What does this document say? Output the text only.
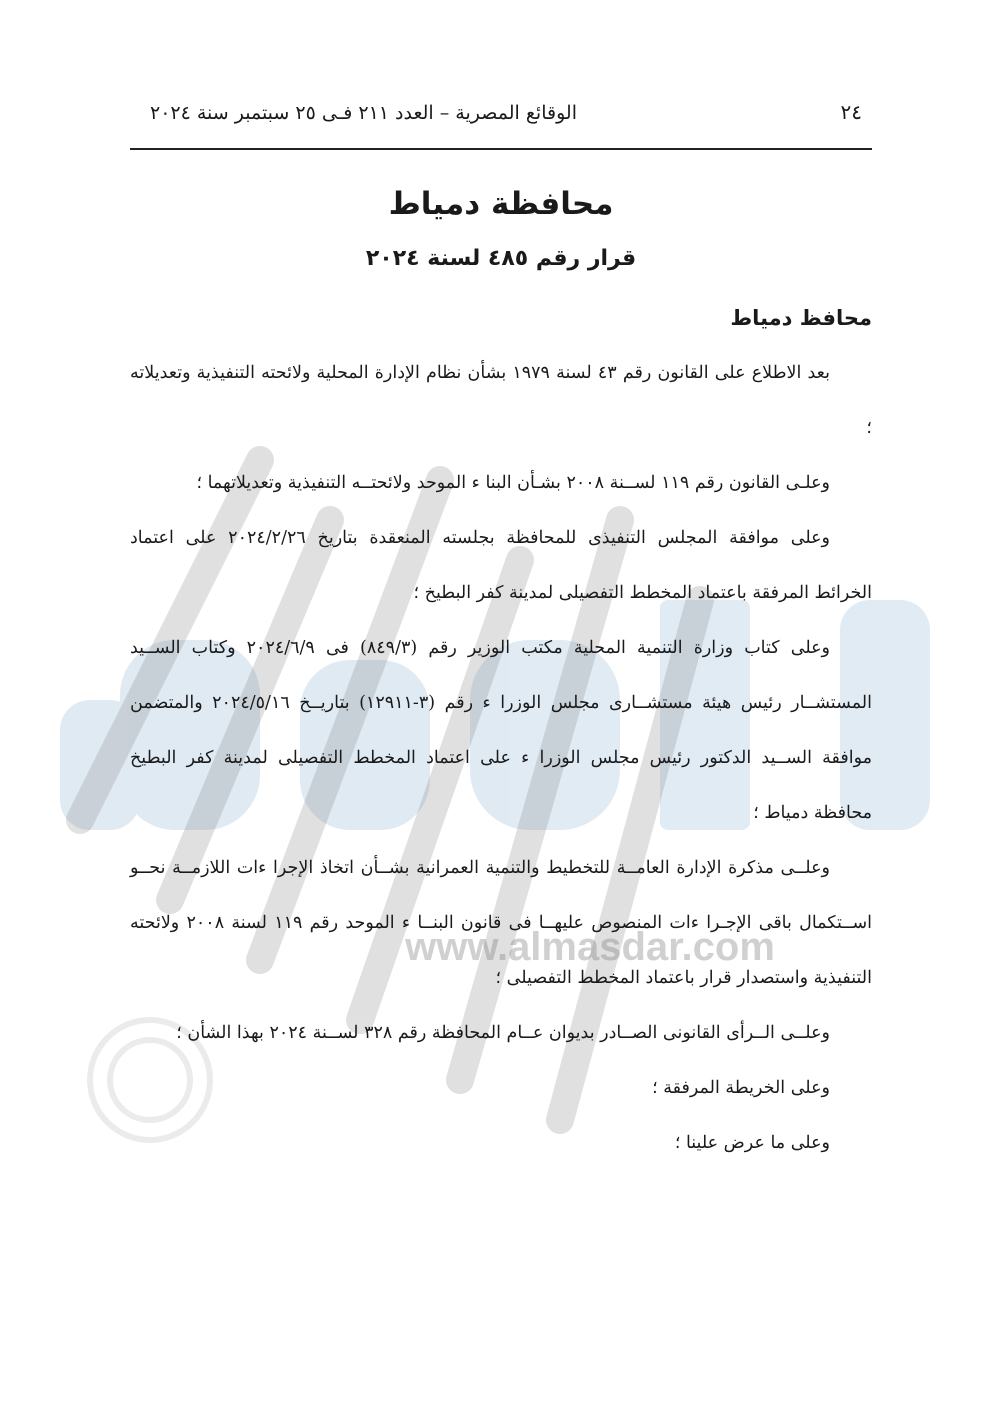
www.almasdar.com
٢٤
الوقائع المصرية – العدد ٢١١ فـى ٢٥ سبتمبر سنة ٢٠٢٤
محافظة دمياط
قرار رقم ٤٨٥ لسنة ٢٠٢٤
محافظ دمياط

بعد الاطلاع على القانون رقم ٤٣ لسنة ١٩٧٩ بشأن نظام الإدارة المحلية ولائحته التنفيذية وتعديلاته ؛

وعلـى القانون رقم ١١٩ لســنة ٢٠٠٨ بشـأن البنا ء الموحد ولائحتــه التنفيذية وتعديلاتهما ؛

وعلى موافقة المجلس التنفيذى للمحافظة بجلسته المنعقدة بتاريخ ٢٠٢٤/٢/٢٦ على اعتماد الخرائط المرفقة باعتماد المخطط التفصيلى لمدينة كفر البطيخ ؛

وعلى كتاب وزارة التنمية المحلية مكتب الوزير رقم (٨٤٩/٣) فى ٢٠٢٤/٦/٩ وكتاب الســيد المستشــار رئيس هيئة مستشــارى مجلس الوزرا ء رقم (٣-١٢٩١١) بتاريــخ ٢٠٢٤/٥/١٦ والمتضمن موافقة الســيد الدكتور رئيس مجلس الوزرا ء على اعتماد المخطط التفصيلى لمدينة كفر البطيخ محافظة دمياط ؛

وعلــى مذكرة الإدارة العامــة للتخطيط والتنمية العمرانية بشــأن اتخاذ الإجرا ءات اللازمــة نحــو اســتكمال باقى الإجـرا ءات المنصوص عليهــا فى قانون البنــا ء الموحد رقم ١١٩ لسنة ٢٠٠٨ ولائحته التنفيذية واستصدار قرار باعتماد المخطط التفصيلى ؛

وعلــى الــرأى القانونى الصــادر بديوان عــام المحافظة رقم ٣٢٨ لســنة ٢٠٢٤ بهذا الشأن ؛

وعلى الخريطة المرفقة ؛

وعلى ما عرض علينا ؛
